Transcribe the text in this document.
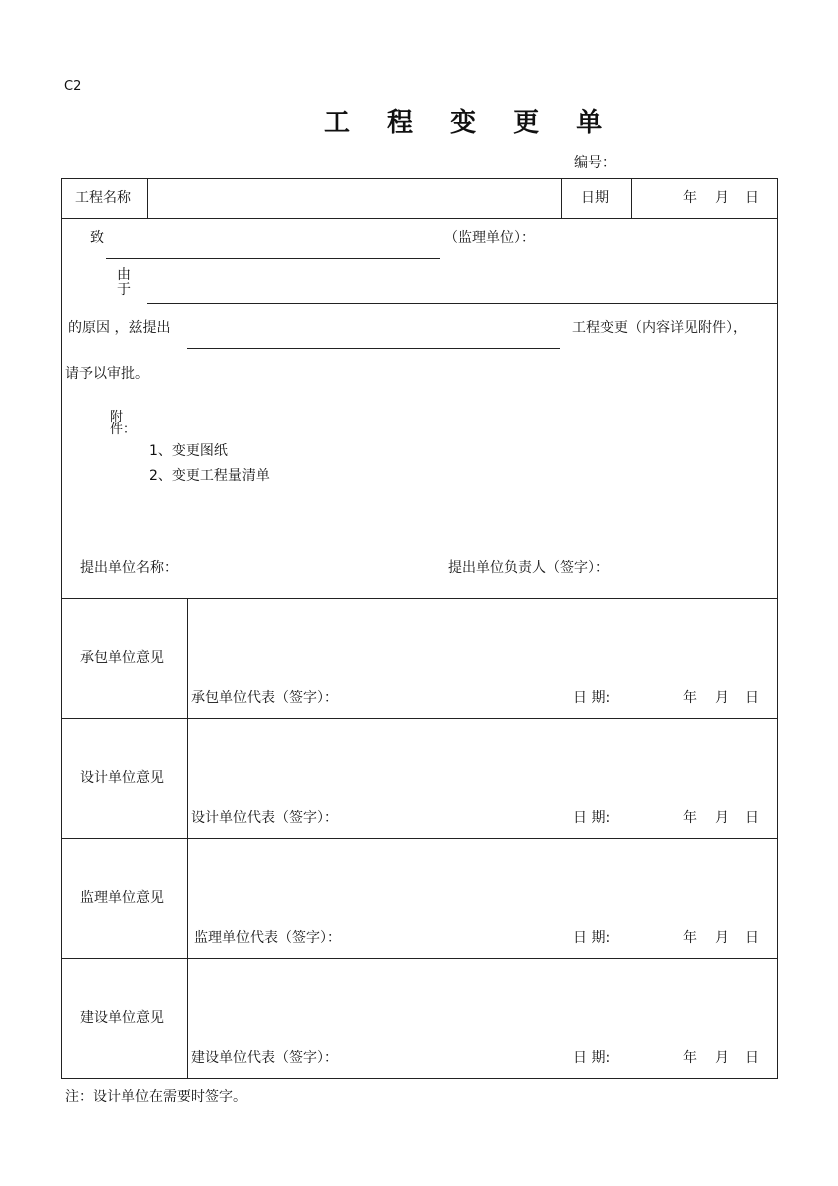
C2
工 程 变 更 单
编号：
工程名称	日期	年 月 日
致	（监理单位）：
由于
的原因 ，兹提出	工程变更（内容详见附件），
请予以审批。
附件：
1、变更图纸
2、变更工程量清单
提出单位名称：	提出单位负责人（签字）：
承包单位意见
承包单位代表（签字）：	日 期:	年 月 日
设计单位意见
设计单位代表（签字）：	日 期:	年 月 日
监理单位意见
监理单位代表（签字）：	日 期:	年 月 日
建设单位意见
建设单位代表（签字）：	日 期:	年 月 日
注：设计单位在需要时签字。
